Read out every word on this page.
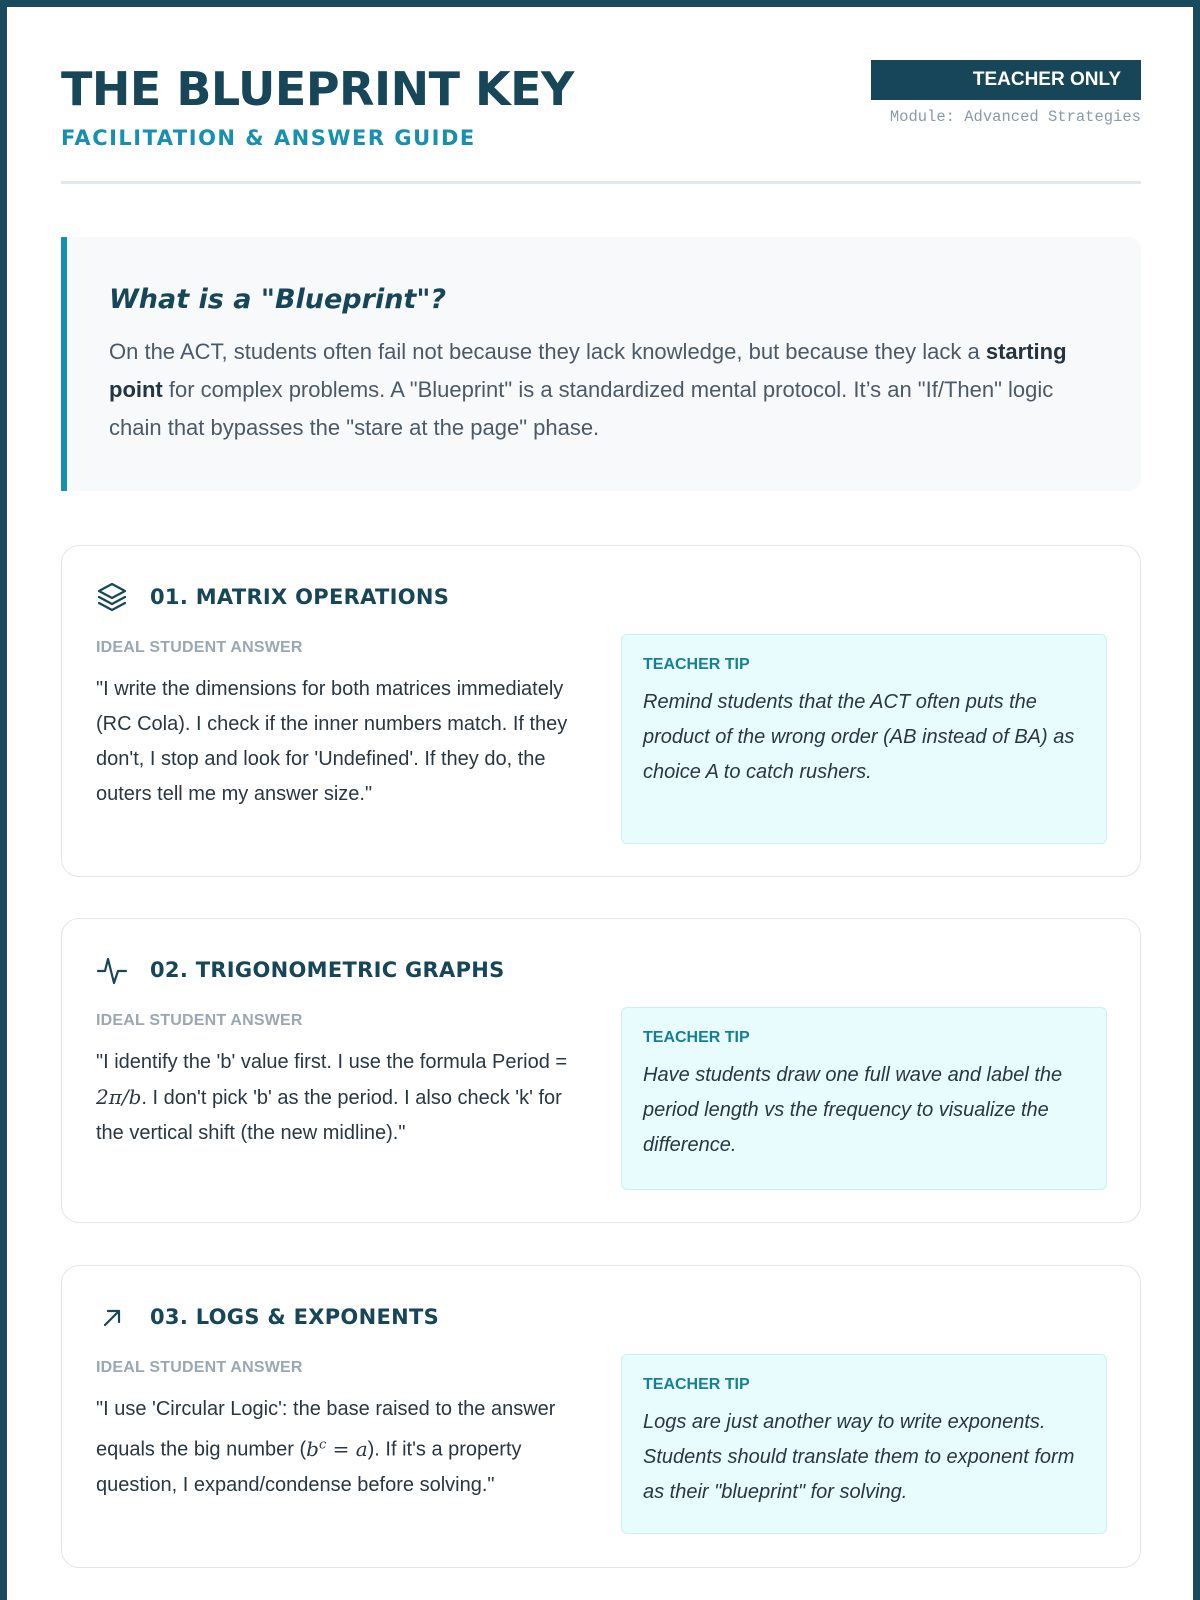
THE BLUEPRINT KEY
FACILITATION & ANSWER GUIDE
TEACHER ONLY
Module: Advanced Strategies
What is a "Blueprint"?
On the ACT, students often fail not because they lack knowledge, but because they lack a starting point for complex problems. A "Blueprint" is a standardized mental protocol. It’s an "If/Then" logic chain that bypasses the "stare at the page" phase.
01. MATRIX OPERATIONS
IDEAL STUDENT ANSWER
"I write the dimensions for both matrices immediately (RC Cola). I check if the inner numbers match. If they don't, I stop and look for 'Undefined'. If they do, the outers tell me my answer size."
TEACHER TIP
Remind students that the ACT often puts the product of the wrong order (AB instead of BA) as choice A to catch rushers.
02. TRIGONOMETRIC GRAPHS
IDEAL STUDENT ANSWER
"I identify the 'b' value first. I use the formula Period = 2π/b. I don't pick 'b' as the period. I also check 'k' for the vertical shift (the new midline)."
TEACHER TIP
Have students draw one full wave and label the period length vs the frequency to visualize the difference.
03. LOGS & EXPONENTS
IDEAL STUDENT ANSWER
"I use 'Circular Logic': the base raised to the answer equals the big number $(b^c = a)$. If it's a property question, I expand/condense before solving."
TEACHER TIP
Logs are just another way to write exponents. Students should translate them to exponent form as their "blueprint" for solving.
